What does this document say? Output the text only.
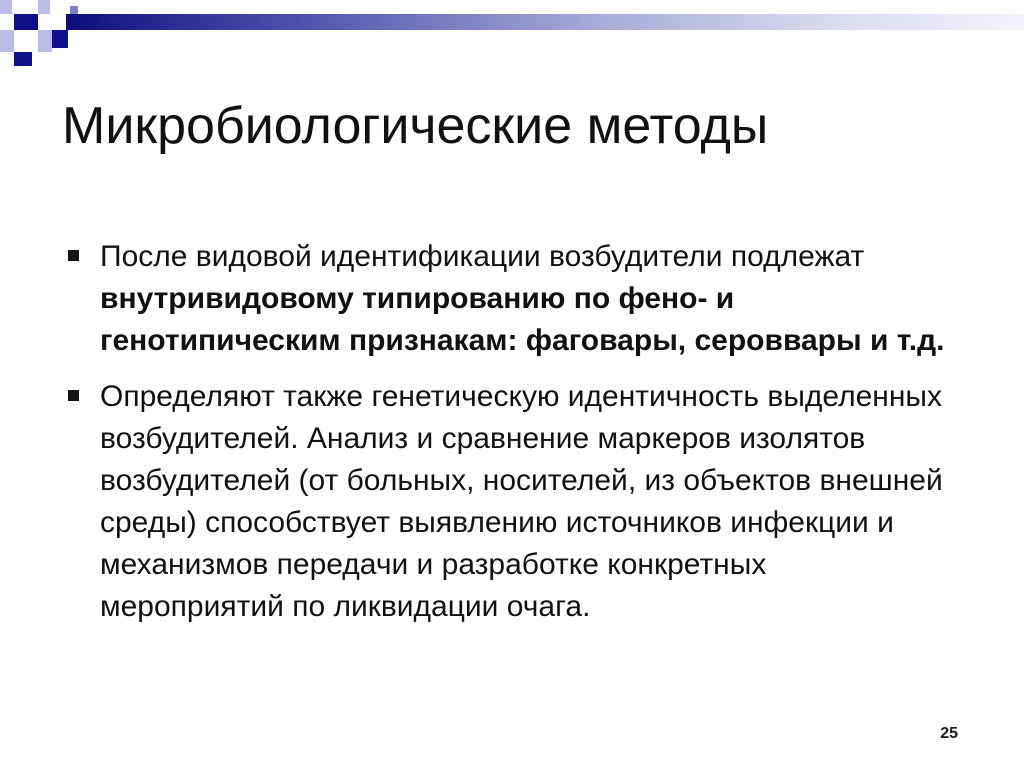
Микробиологические методы
После видовой идентификации возбудители подлежат внутривидовому типированию по фено- и генотипическим признакам: фаговары, сероввары и т.д.
Определяют также генетическую идентичность выделенных возбудителей. Анализ и сравнение маркеров изолятов возбудителей (от больных, носителей, из объектов внешней среды) способствует выявлению источников инфекции и механизмов передачи и разработке конкретных мероприятий по ликвидации очага.
25
